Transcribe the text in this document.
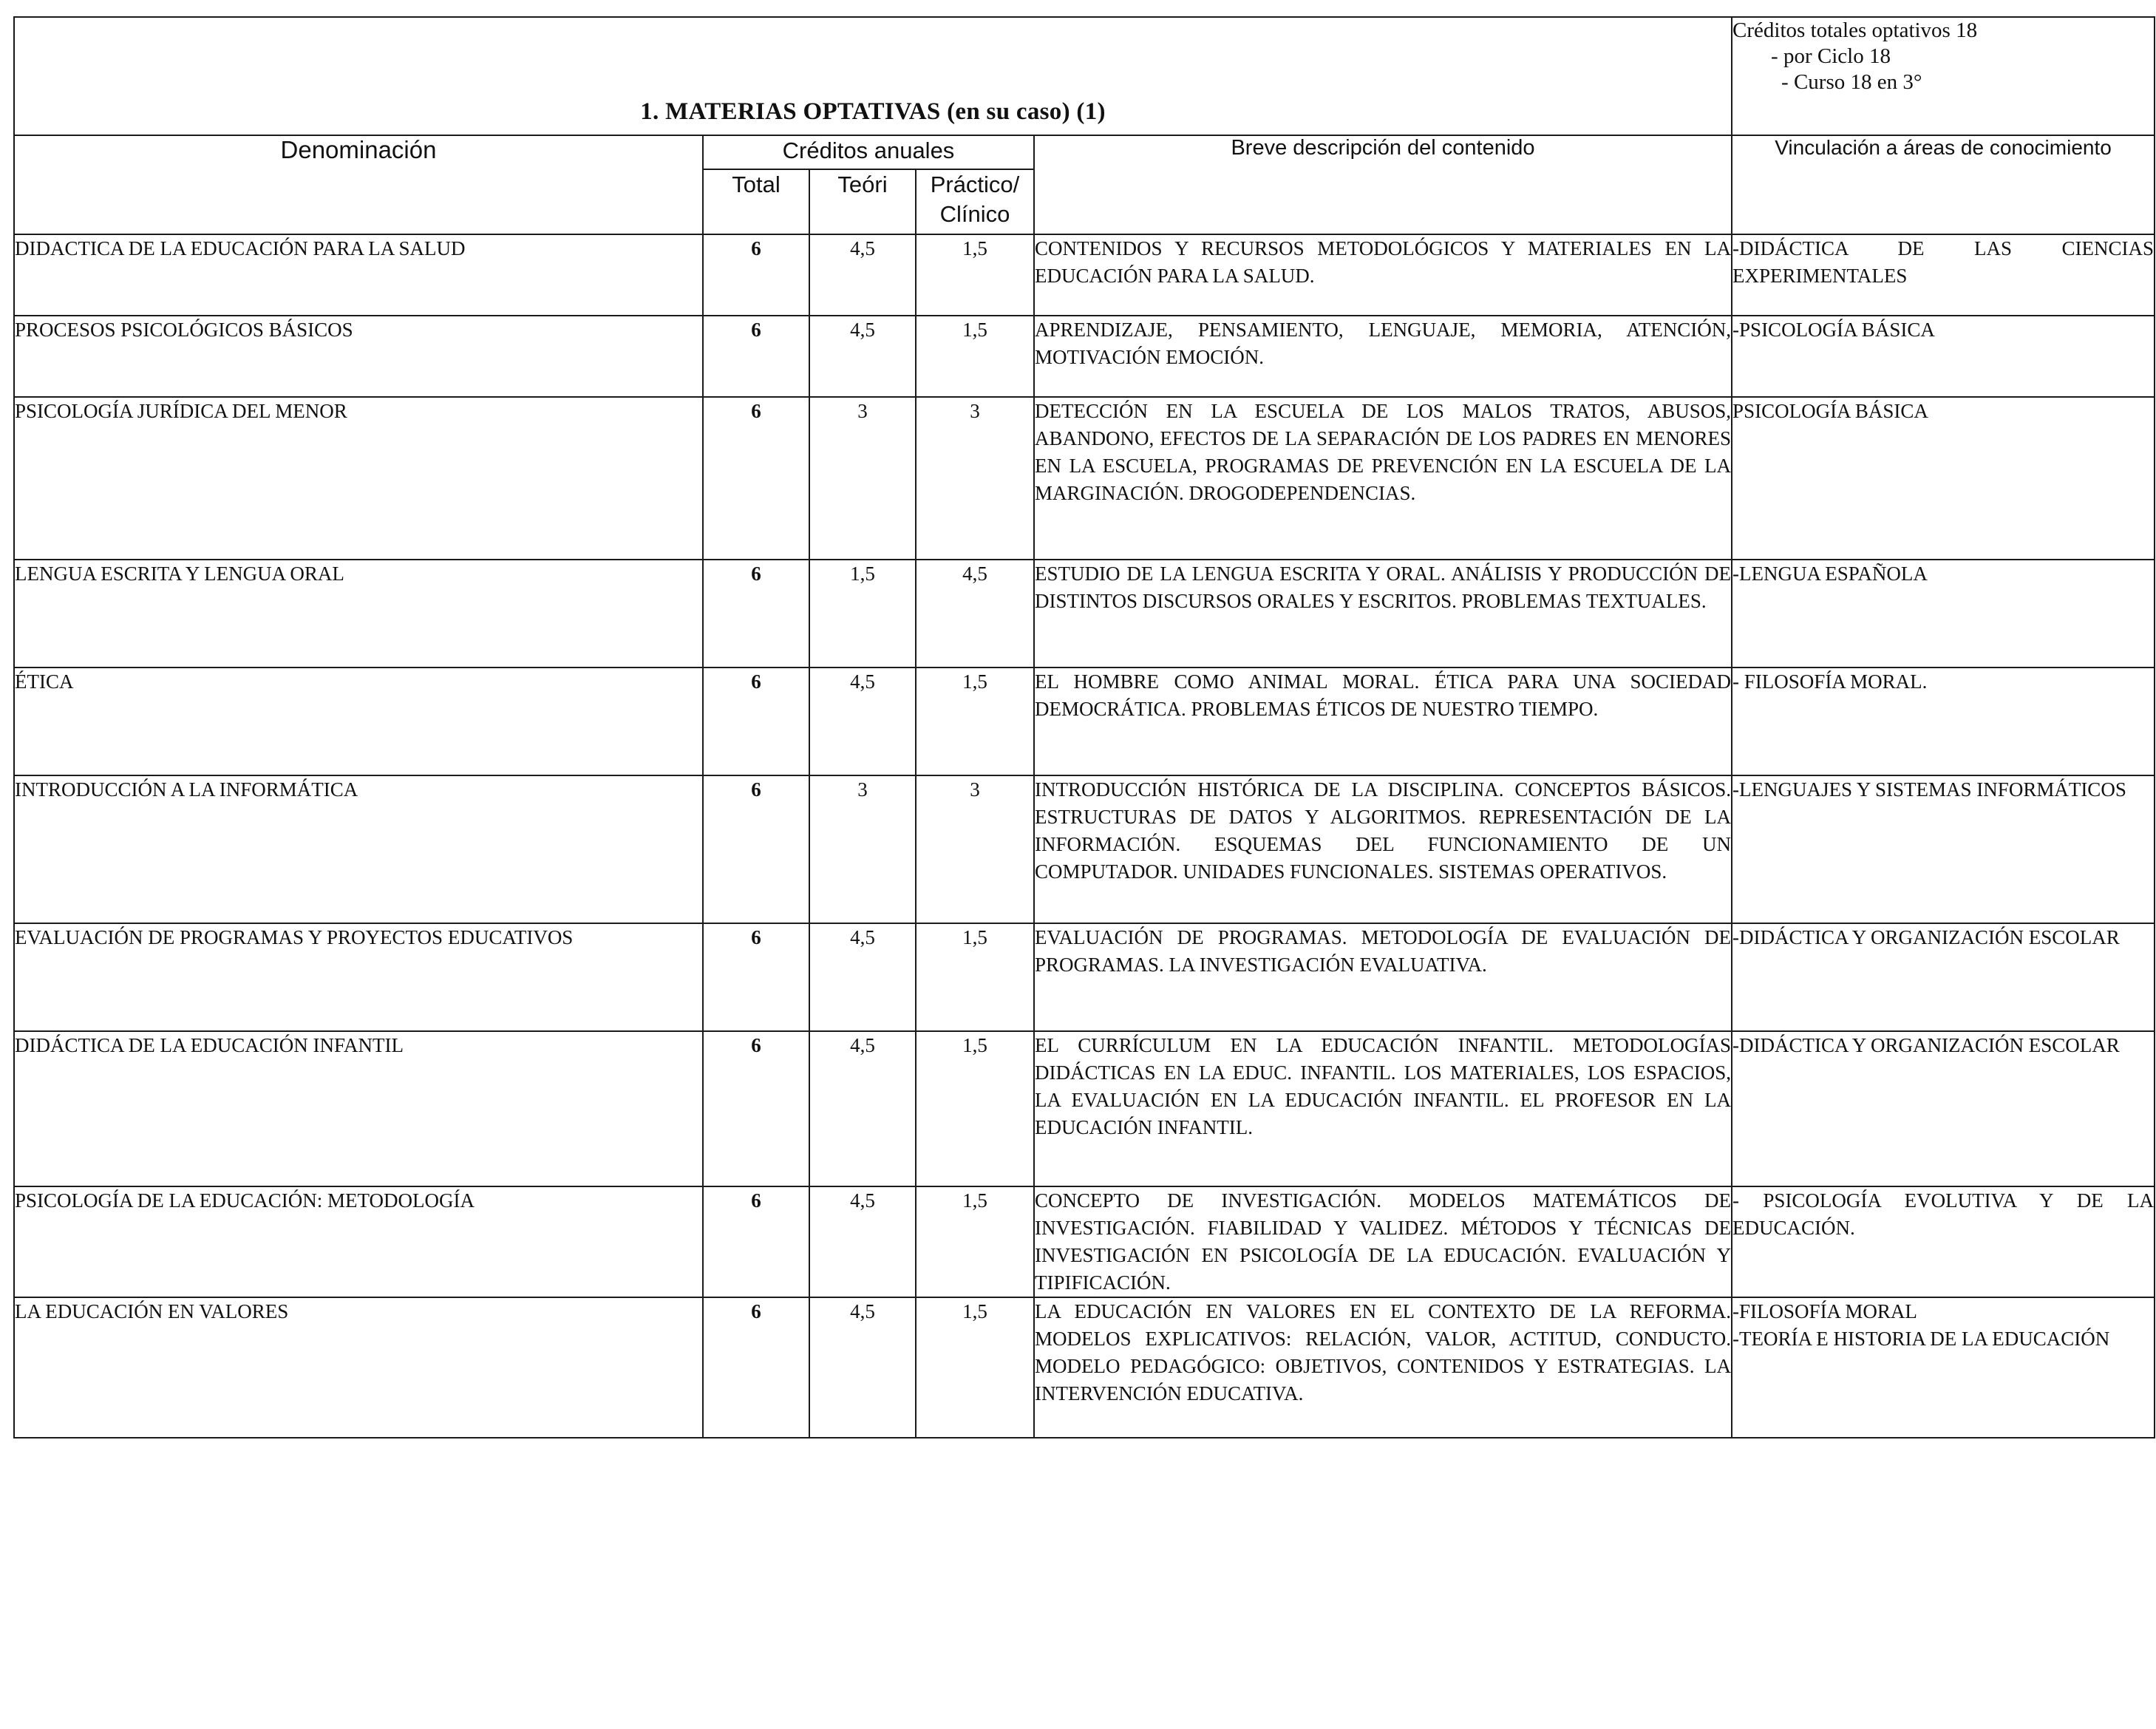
1. MATERIAS OPTATIVAS (en su caso) (1)					Créditos totales optativos 18
- por Ciclo 18
- Curso 18 en 3°

Denominación	Créditos anuales			Breve descripción del contenido	Vinculación a áreas de conocimiento
	Total	Teóri	Práctico/ Clínico		
DIDACTICA DE LA EDUCACIÓN PARA LA SALUD	6	4,5	1,5	CONTENIDOS Y RECURSOS METODOLÓGICOS Y MATERIALES EN LA EDUCACIÓN PARA LA SALUD.	-DIDÁCTICA DE LAS CIENCIAS EXPERIMENTALES

PROCESOS PSICOLÓGICOS BÁSICOS	6	4,5	1,5	APRENDIZAJE, PENSAMIENTO, LENGUAJE, MEMORIA, ATENCIÓN, MOTIVACIÓN EMOCIÓN.	-PSICOLOGÍA BÁSICA

PSICOLOGÍA JURÍDICA DEL MENOR	6	3	3	DETECCIÓN EN LA ESCUELA DE LOS MALOS TRATOS, ABUSOS, ABANDONO, EFECTOS DE LA SEPARACIÓN DE LOS PADRES EN MENORES EN LA ESCUELA, PROGRAMAS DE PREVENCIÓN EN LA ESCUELA DE LA MARGINACIÓN. DROGODEPENDENCIAS.	PSICOLOGÍA BÁSICA

LENGUA ESCRITA Y LENGUA ORAL	6	1,5	4,5	ESTUDIO DE LA LENGUA ESCRITA Y ORAL. ANÁLISIS Y PRODUCCIÓN DE DISTINTOS DISCURSOS ORALES Y ESCRITOS. PROBLEMAS TEXTUALES.	-LENGUA ESPAÑOLA

ÉTICA	6	4,5	1,5	EL HOMBRE COMO ANIMAL MORAL. ÉTICA PARA UNA SOCIEDAD DEMOCRÁTICA. PROBLEMAS ÉTICOS DE NUESTRO TIEMPO.	- FILOSOFÍA MORAL.

INTRODUCCIÓN A LA INFORMÁTICA	6	3	3	INTRODUCCIÓN HISTÓRICA DE LA DISCIPLINA. CONCEPTOS BÁSICOS. ESTRUCTURAS DE DATOS Y ALGORITMOS. REPRESENTACIÓN DE LA INFORMACIÓN. ESQUEMAS DEL FUNCIONAMIENTO DE UN COMPUTADOR. UNIDADES FUNCIONALES. SISTEMAS OPERATIVOS.	-LENGUAJES Y SISTEMAS INFORMÁTICOS

EVALUACIÓN DE PROGRAMAS Y PROYECTOS EDUCATIVOS	6	4,5	1,5	EVALUACIÓN DE PROGRAMAS. METODOLOGÍA DE EVALUACIÓN DE PROGRAMAS. LA INVESTIGACIÓN EVALUATIVA.	-DIDÁCTICA Y ORGANIZACIÓN ESCOLAR

DIDÁCTICA DE LA EDUCACIÓN INFANTIL	6	4,5	1,5	EL CURRÍCULUM EN LA EDUCACIÓN INFANTIL. METODOLOGÍAS DIDÁCTICAS EN LA EDUC. INFANTIL. LOS MATERIALES, LOS ESPACIOS, LA EVALUACIÓN EN LA EDUCACIÓN INFANTIL. EL PROFESOR EN LA EDUCACIÓN INFANTIL.	-DIDÁCTICA Y ORGANIZACIÓN ESCOLAR

PSICOLOGÍA DE LA EDUCACIÓN: METODOLOGÍA	6	4,5	1,5	CONCEPTO DE INVESTIGACIÓN. MODELOS MATEMÁTICOS DE INVESTIGACIÓN. FIABILIDAD Y VALIDEZ. MÉTODOS Y TÉCNICAS DE INVESTIGACIÓN EN PSICOLOGÍA DE LA EDUCACIÓN. EVALUACIÓN Y TIPIFICACIÓN.	- PSICOLOGÍA EVOLUTIVA Y DE LA EDUCACIÓN.

LA EDUCACIÓN EN VALORES	6	4,5	1,5	LA EDUCACIÓN EN VALORES EN EL CONTEXTO DE LA REFORMA. MODELOS EXPLICATIVOS: RELACIÓN, VALOR, ACTITUD, CONDUCTO. MODELO PEDAGÓGICO: OBJETIVOS, CONTENIDOS Y ESTRATEGIAS. LA INTERVENCIÓN EDUCATIVA.	-FILOSOFÍA MORAL
-TEORÍA E HISTORIA DE LA EDUCACIÓN
